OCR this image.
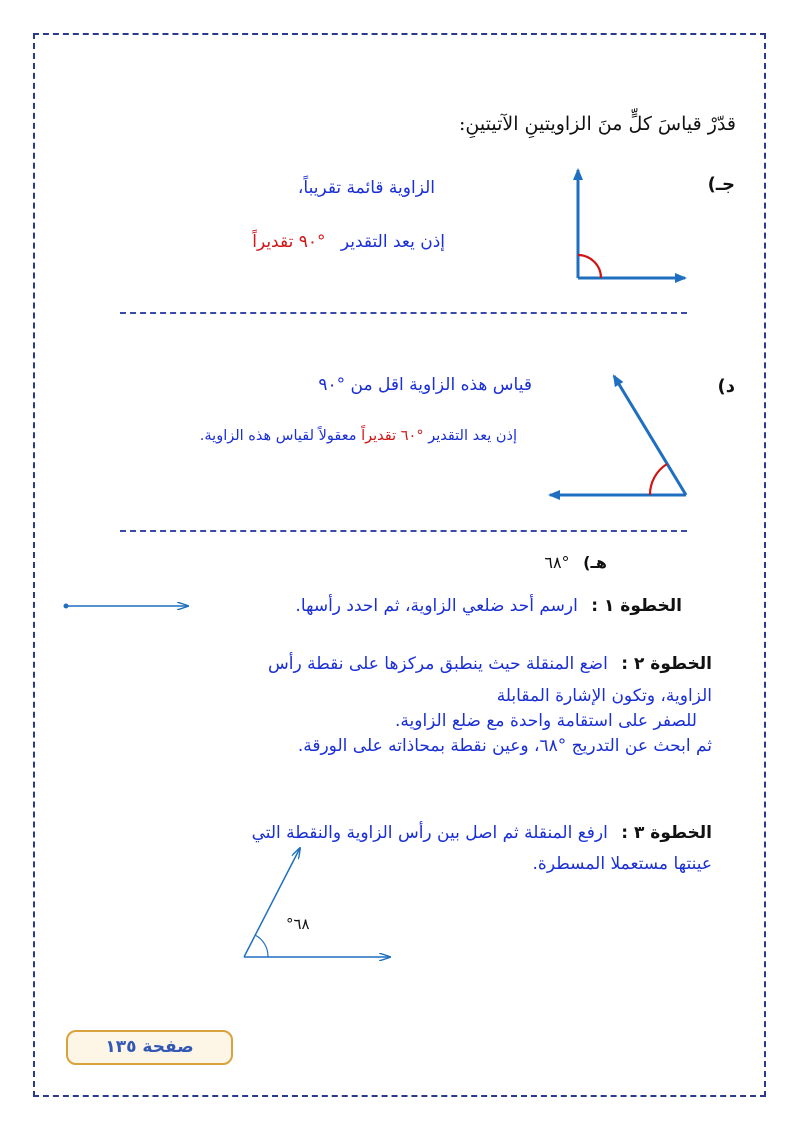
قدّرْ قياسَ كلٍّ منَ الزاويتينِ الآتيتينِ:
جـ)
الزاوية قائمة تقريباً،
إذن يعد التقدير °٩٠ تقديراً
د)
قياس هذه الزاوية اقل من °٩٠
إذن يعد التقدير °٦٠ تقديراً معقولاً لقياس هذه الزاوية.
هـ) °٦٨
الخطوة ١ : ارسم أحد ضلعي الزاوية، ثم احدد رأسها.
الخطوة ٢ : اضع المنقلة حيث ينطبق مركزها على نقطة رأس
الزاوية، وتكون الإشارة المقابلة
للصفر على استقامة واحدة مع ضلع الزاوية.
ثم ابحث عن التدريج °٦٨، وعين نقطة بمحاذاته على الورقة.
الخطوة ٣ : ارفع المنقلة ثم اصل بين رأس الزاوية والنقطة التي
عينتها مستعملا المسطرة.
°٦٨
صفحة ١٣٥
